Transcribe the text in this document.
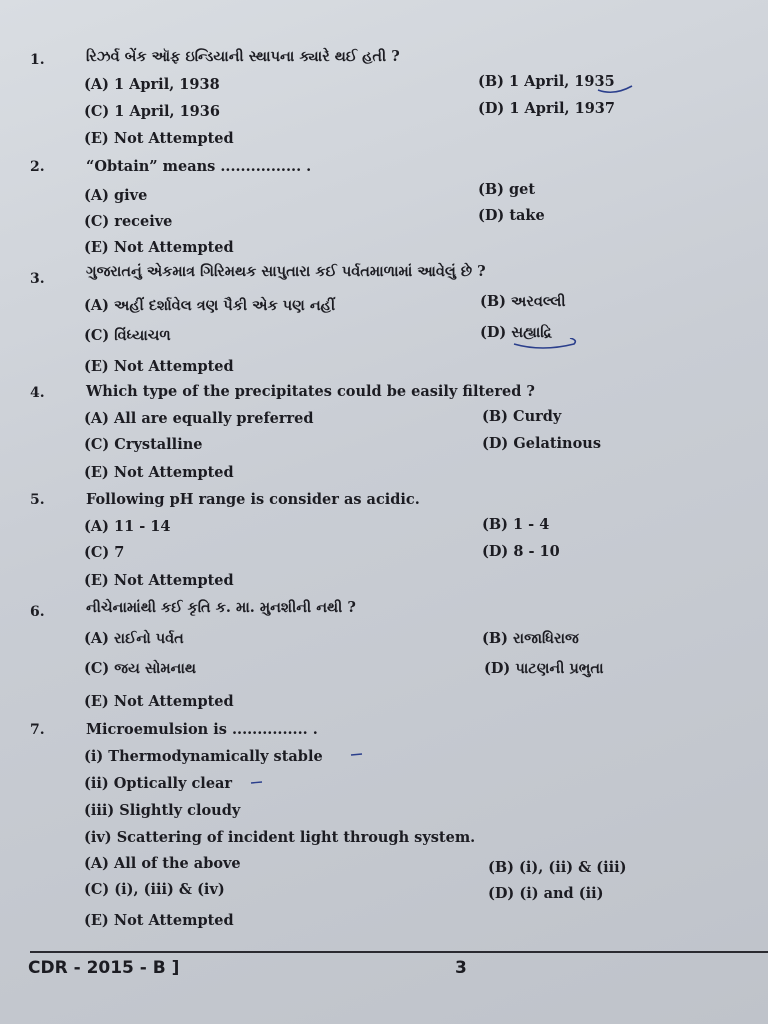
1.	રિઝર્વ બેંક ઑફ ઇન્ડિયાની સ્થાપના ક્યારે થઈ હતી ?
(A) 1 April, 1938	(B) 1 April, 1935
(C) 1 April, 1936	(D) 1 April, 1937
(E) Not Attempted
2.	“Obtain” means ................ .
(A) give	(B) get
(C) receive	(D) take
(E) Not Attempted
3.	ગુજરાતનું એકમાત્ર ગિરિમથક સાપુતારા કઈ પર્વતમાળામાં આવેલું છે ?
(A) અહીં દર્શાવેલ ત્રણ પૈકી એક પણ નહીં	(B) અરવલ્લી
(C) વિંધ્યાચળ	(D) સહ્યાદ્રિ
(E) Not Attempted
4.	Which type of the precipitates could be easily filtered ?
(A) All are equally preferred	(B) Curdy
(C) Crystalline	(D) Gelatinous
(E) Not Attempted
5.	Following pH range is consider as acidic.
(A) 11 - 14	(B) 1 - 4
(C) 7	(D) 8 - 10
(E) Not Attempted
6.	નીચેનામાંથી કઈ કૃતિ ક. મા. મુનશીની નથી ?
(A) રાઈનો પર્વત	(B) રાજાધિરાજ
(C) જય સોમનાથ	(D) પાટણની પ્રભુતા
(E) Not Attempted
7.	Microemulsion is ............... .
(i) Thermodynamically stable
(ii) Optically clear
(iii) Slightly cloudy
(iv) Scattering of incident light through system.
(A) All of the above	(B) (i), (ii) & (iii)
(C) (i), (iii) & (iv)	(D) (i) and (ii)
(E) Not Attempted
CDR - 2015 - B ]	3
